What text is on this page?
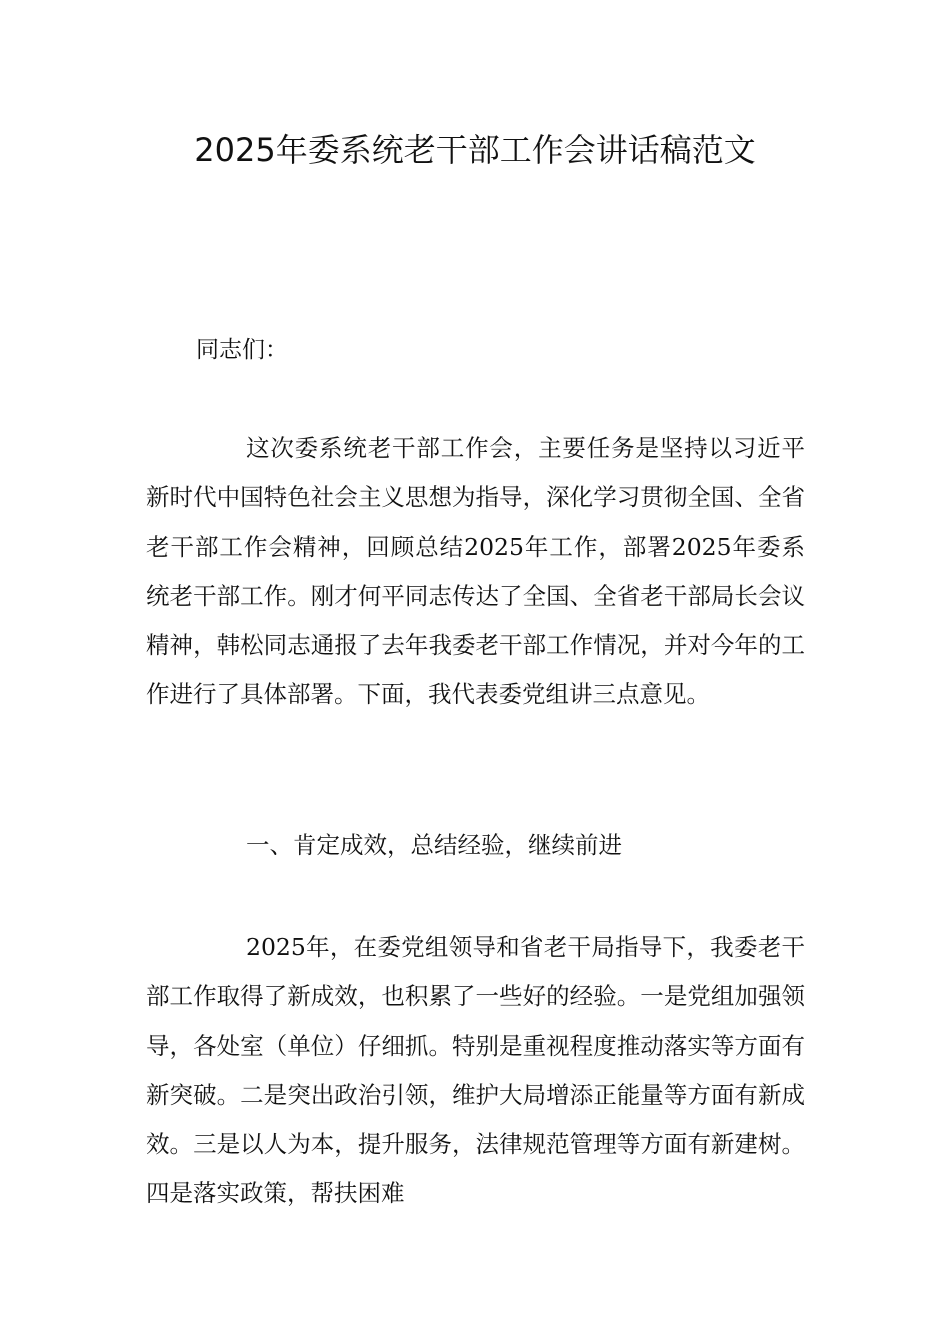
2025年委系统老干部工作会讲话稿范文
同志们：

这次委系统老干部工作会，主要任务是坚持以习近平新时代中国特色社会主义思想为指导，深化学习贯彻全国、全省老干部工作会精神，回顾总结2025年工作，部署2025年委系统老干部工作。刚才何平同志传达了全国、全省老干部局长会议精神，韩松同志通报了去年我委老干部工作情况，并对今年的工作进行了具体部署。下面，我代表委党组讲三点意见。

一、肯定成效，总结经验，继续前进

2025年，在委党组领导和省老干局指导下，我委老干部工作取得了新成效，也积累了一些好的经验。一是党组加强领导，各处室（单位）仔细抓。特别是重视程度推动落实等方面有新突破。二是突出政治引领，维护大局增添正能量等方面有新成效。三是以人为本，提升服务，法律规范管理等方面有新建树。四是落实政策，帮扶困难
